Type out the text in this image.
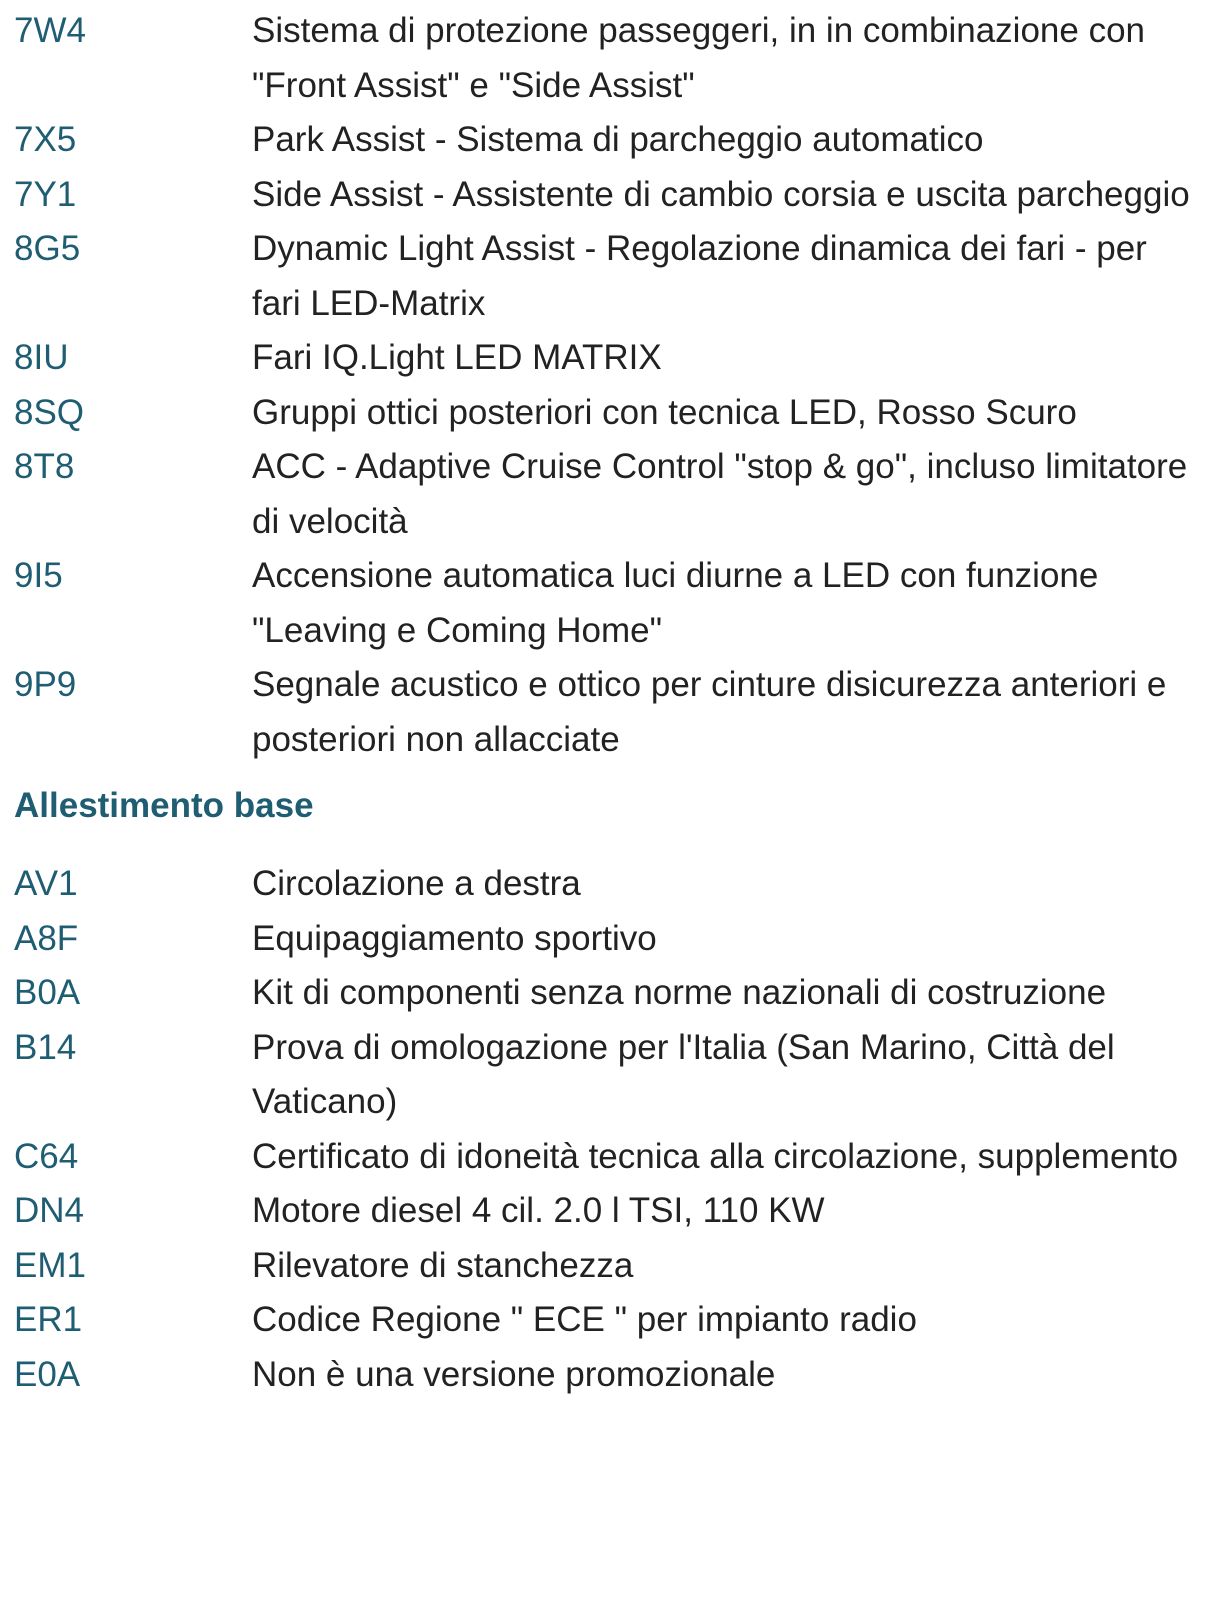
7W4	Sistema di protezione passeggeri, in in combinazione con "Front Assist" e "Side Assist"
7X5	Park Assist - Sistema di parcheggio automatico
7Y1	Side Assist - Assistente di cambio corsia e uscita parcheggio
8G5	Dynamic Light Assist - Regolazione dinamica dei fari - per fari LED-Matrix
8IU	Fari IQ.Light LED MATRIX
8SQ	Gruppi ottici posteriori con tecnica LED, Rosso Scuro
8T8	ACC - Adaptive Cruise Control "stop & go", incluso limitatore di velocità
9I5	Accensione automatica luci diurne a LED con funzione "Leaving e Coming Home"
9P9	Segnale acustico e ottico per cinture disicurezza anteriori e posteriori non allacciate
Allestimento base
AV1	Circolazione a destra
A8F	Equipaggiamento sportivo
B0A	Kit di componenti senza norme nazionali di costruzione
B14	Prova di omologazione per l'Italia (San Marino, Città del Vaticano)
C64	Certificato di idoneità tecnica alla circolazione, supplemento
DN4	Motore diesel 4 cil. 2.0 l TSI, 110 KW
EM1	Rilevatore di stanchezza
ER1	Codice Regione " ECE " per impianto radio
E0A	Non è una versione promozionale
